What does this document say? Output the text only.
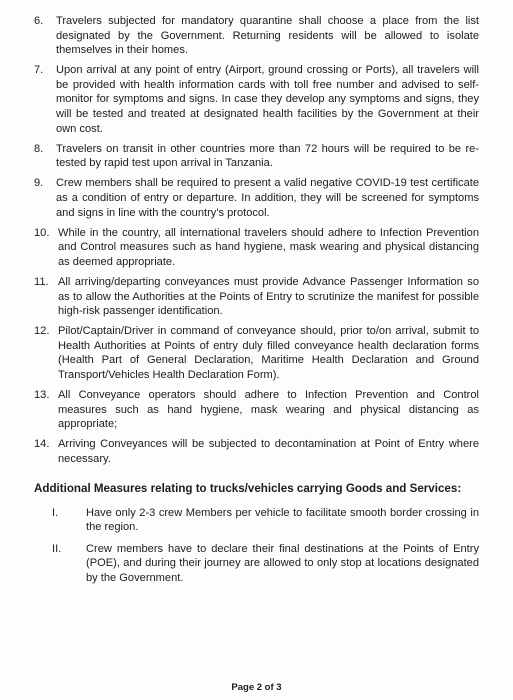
6.	Travelers subjected for mandatory quarantine shall choose a place from the list designated by the Government. Returning residents will be allowed to isolate themselves in their homes.
7.	Upon arrival at any point of entry (Airport, ground crossing or Ports), all travelers will be provided with health information cards with toll free number and advised to self-monitor for symptoms and signs. In case they develop any symptoms and signs, they will be tested and treated at designated health facilities by the Government at their own cost.
8.	Travelers on transit in other countries more than 72 hours will be required to be re-tested by rapid test upon arrival in Tanzania.
9.	Crew members shall be required to present a valid negative COVID-19 test certificate as a condition of entry or departure. In addition, they will be screened for symptoms and signs in line with the country's protocol.
10. While in the country, all international travelers should adhere to Infection Prevention and Control measures such as hand hygiene, mask wearing and physical distancing as deemed appropriate.
11. All arriving/departing conveyances must provide Advance Passenger Information so as to allow the Authorities at the Points of Entry to scrutinize the manifest for possible high-risk passenger identification.
12. Pilot/Captain/Driver in command of conveyance should, prior to/on arrival, submit to Health Authorities at Points of entry duly filled conveyance health declaration forms (Health Part of General Declaration, Maritime Health Declaration and Ground Transport/Vehicles Health Declaration Form).
13. All Conveyance operators should adhere to Infection Prevention and Control measures such as hand hygiene, mask wearing and physical distancing as appropriate;
14. Arriving Conveyances will be subjected to decontamination at Point of Entry where necessary.
Additional Measures relating to trucks/vehicles carrying Goods and Services:
I.	Have only 2-3 crew Members per vehicle to facilitate smooth border crossing in the region.
II.	Crew members have to declare their final destinations at the Points of Entry (POE), and during their journey are allowed to only stop at locations designated by the Government.
Page 2 of 3
